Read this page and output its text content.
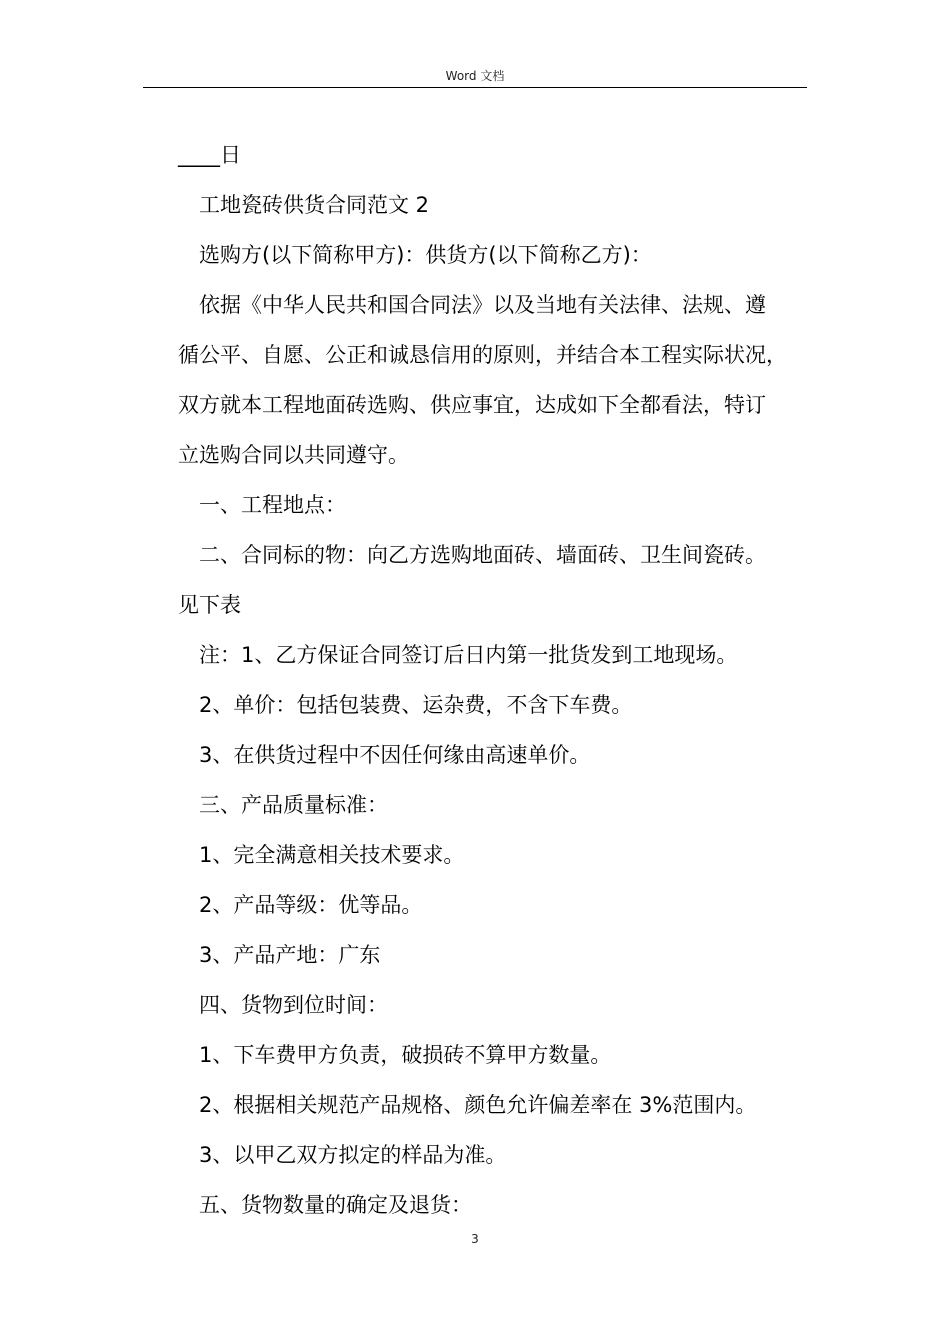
Word 文档
____日
工地瓷砖供货合同范文 2
选购方(以下简称甲方)：供货方(以下简称乙方)：
依据《中华人民共和国合同法》以及当地有关法律、法规、遵
循公平、自愿、公正和诚恳信用的原则，并结合本工程实际状况，
双方就本工程地面砖选购、供应事宜，达成如下全都看法，特订
立选购合同以共同遵守。
一、工程地点：
二、合同标的物：向乙方选购地面砖、墙面砖、卫生间瓷砖。
见下表
注：1、乙方保证合同签订后日内第一批货发到工地现场。
2、单价：包括包装费、运杂费，不含下车费。
3、在供货过程中不因任何缘由高速单价。
三、产品质量标准：
1、完全满意相关技术要求。
2、产品等级：优等品。
3、产品产地：广东
四、货物到位时间：
1、下车费甲方负责，破损砖不算甲方数量。
2、根据相关规范产品规格、颜色允许偏差率在 3%范围内。
3、以甲乙双方拟定的样品为准。
五、货物数量的确定及退货：
3
